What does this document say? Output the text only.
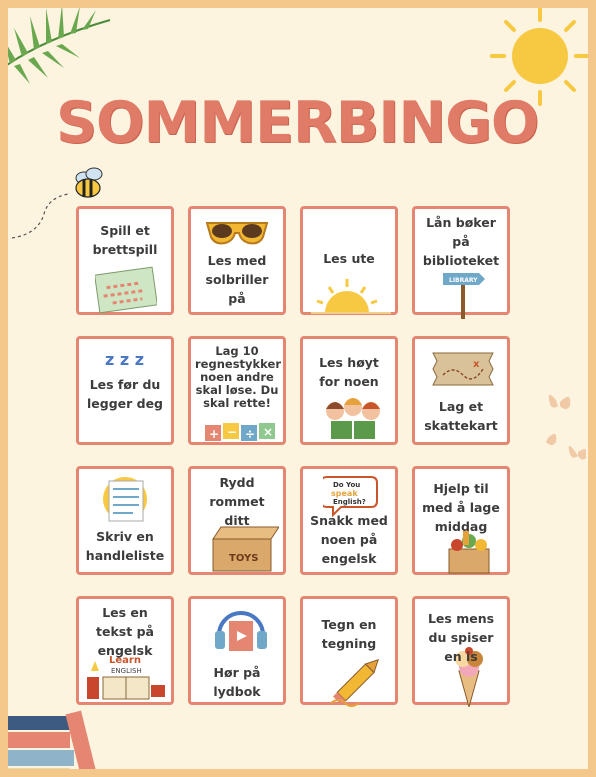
SOMMERBINGO
Spill et brettspill
Les med solbriller på
Les ute
LIBRARY
Lån bøker på biblioteket
z z z
Les før du legger deg
+ − ÷ ×
Lag 10 regnestykker noen andre skal løse. Du skal rette!
Les høyt for noen
x
Lag et skattekart
Skriv en handleliste	TOYS
Rydd rommet ditt
Do You
speak
English?
Snakk med noen på engelsk
Hjelp til med å lage middag
Learn
ENGLISH
Les en tekst på engelsk
Hør på lydbok
Tegn en tegning
Les mens du spiser en is
